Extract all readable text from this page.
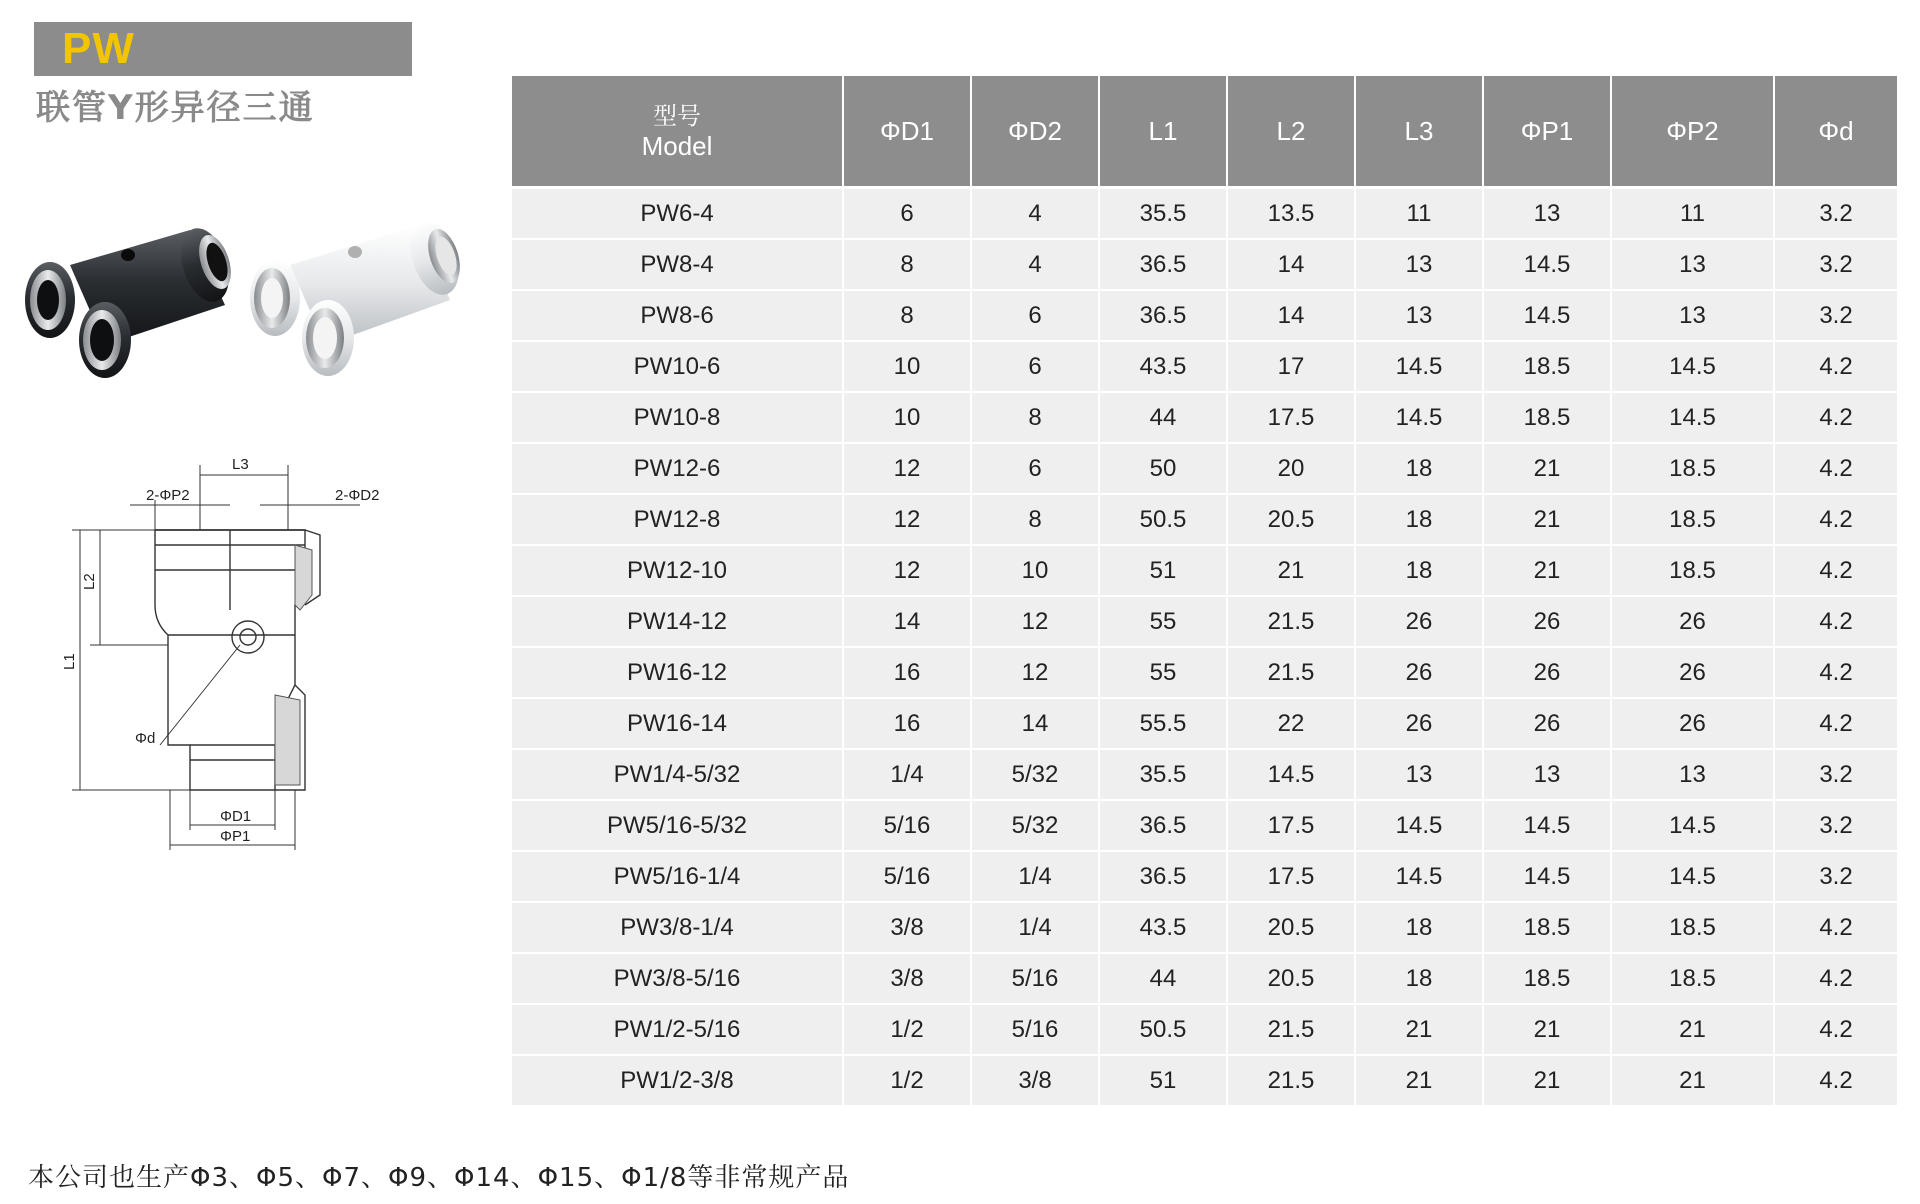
PW
联管Y形异径三通
L3
2-ΦP2	2-ΦD2
L2
L1
Φd
ΦD1
ΦP1
型号
Model	ΦD1	ΦD2	L1	L2	L3	ΦP1	ΦP2	Φd
PW6-4	6	4	35.5	13.5	11	13	11	3.2
PW8-4	8	4	36.5	14	13	14.5	13	3.2
PW8-6	8	6	36.5	14	13	14.5	13	3.2
PW10-6	10	6	43.5	17	14.5	18.5	14.5	4.2
PW10-8	10	8	44	17.5	14.5	18.5	14.5	4.2
PW12-6	12	6	50	20	18	21	18.5	4.2
PW12-8	12	8	50.5	20.5	18	21	18.5	4.2
PW12-10	12	10	51	21	18	21	18.5	4.2
PW14-12	14	12	55	21.5	26	26	26	4.2
PW16-12	16	12	55	21.5	26	26	26	4.2
PW16-14	16	14	55.5	22	26	26	26	4.2
PW1/4-5/32	1/4	5/32	35.5	14.5	13	13	13	3.2
PW5/16-5/32	5/16	5/32	36.5	17.5	14.5	14.5	14.5	3.2
PW5/16-1/4	5/16	1/4	36.5	17.5	14.5	14.5	14.5	3.2
PW3/8-1/4	3/8	1/4	43.5	20.5	18	18.5	18.5	4.2
PW3/8-5/16	3/8	5/16	44	20.5	18	18.5	18.5	4.2
PW1/2-5/16	1/2	5/16	50.5	21.5	21	21	21	4.2
PW1/2-3/8	1/2	3/8	51	21.5	21	21	21	4.2
本公司也生产Φ3、Φ5、Φ7、Φ9、Φ14、Φ15、Φ1/8等非常规产品
